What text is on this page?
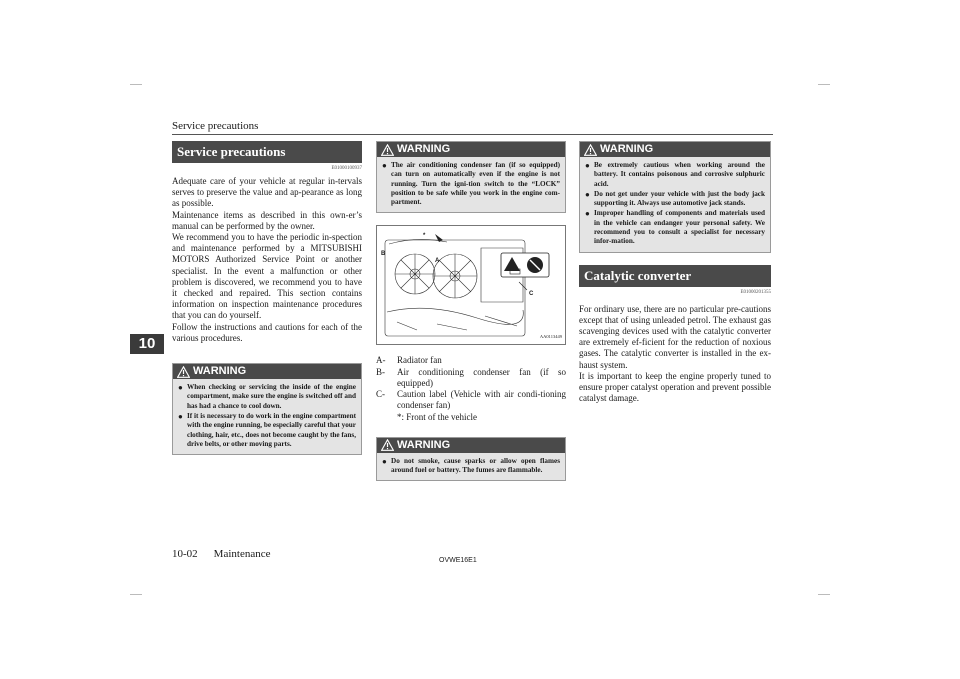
Service precautions
10
Service precautions
E01000100937

Adequate care of your vehicle at regular in-tervals serves to preserve the value and ap-pearance as long as possible.

Maintenance items as described in this own-er’s manual can be performed by the owner.

We recommend you to have the periodic in-spection and maintenance performed by a MITSUBISHI MOTORS Authorized Service Point or another specialist. In the event a malfunction or other problem is discovered, we recommend you to have it checked and repaired. This section contains information on inspection maintenance procedures that you can do yourself.

Follow the instructions and cautions for each of the various procedures.

WARNING
● When checking or servicing the inside of the engine compartment, make sure the engine is switched off and has had a chance to cool down.
● If it is necessary to do work in the engine compartment with the engine running, be especially careful that your clothing, hair, etc., does not become caught by the fans, drive belts, or other moving parts.
WARNING
● The air conditioning condenser fan (if so equipped) can turn on automatically even if the engine is not running. Turn the igni-tion switch to the “LOCK” position to be safe while you work in the engine com-partment.
B
A
C
*
AA0113449
A-	Radiator fan
B-	Air conditioning condenser fan (if so equipped)
C-	Caution label (Vehicle with air condi-tioning condenser fan)
*: Front of the vehicle
WARNING
● Do not smoke, cause sparks or allow open flames around fuel or battery. The fumes are flammable.
WARNING
● Be extremely cautious when working around the battery. It contains poisonous and corrosive sulphuric acid.
● Do not get under your vehicle with just the body jack supporting it. Always use automotive jack stands.
● Improper handling of components and materials used in the vehicle can endanger your personal safety. We recommend you to consult a specialist for necessary infor-mation.
Catalytic converter
E01000201355

For ordinary use, there are no particular pre-cautions except that of using unleaded petrol. The exhaust gas scavenging devices used with the catalytic converter are extremely ef-ficient for the reduction of noxious gases. The catalytic converter is installed in the ex-haust system.

It is important to keep the engine properly tuned to ensure proper catalyst operation and prevent possible catalyst damage.

10-02 Maintenance
OVWE16E1
